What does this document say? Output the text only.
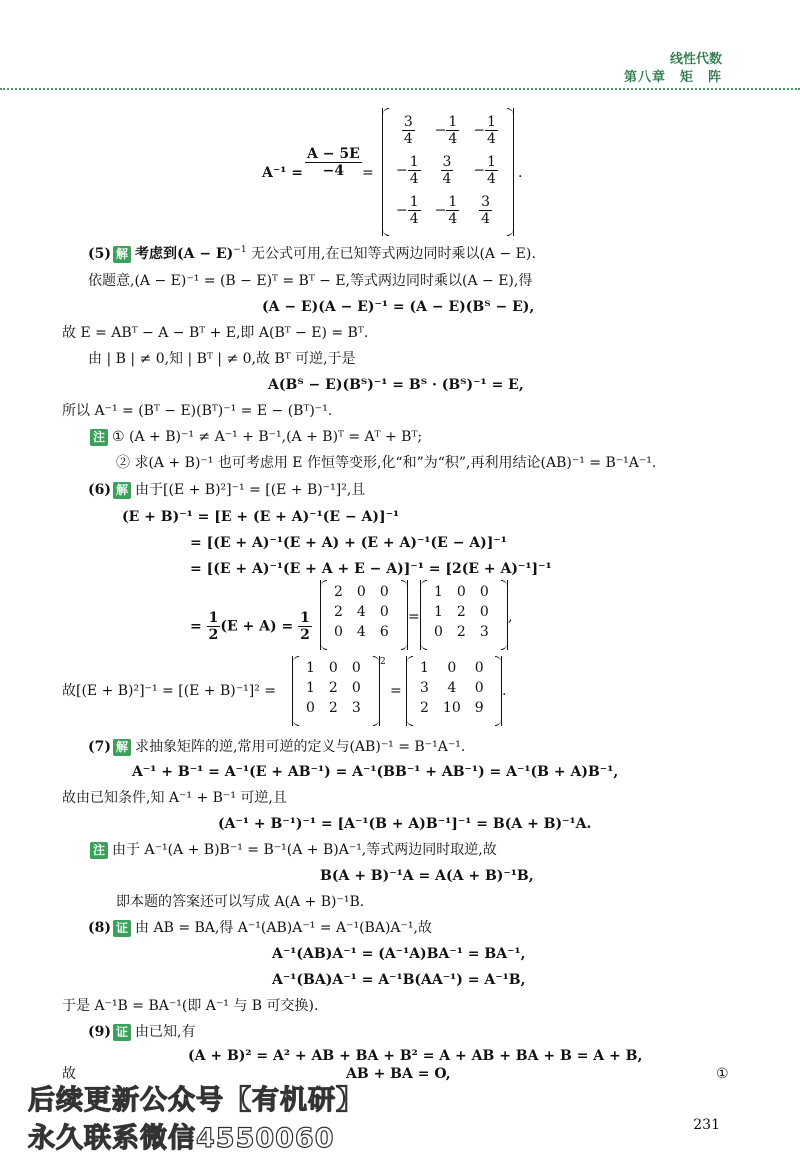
线性代数
第八章　矩　阵
$A^{-1} = \frac{A - 5E}{-4}$ =
$\frac{3}{4}$	− $\frac{1}{4}$	− $\frac{1}{4}$

− $\frac{1}{4}$	$\frac{3}{4}$	− $\frac{1}{4}$

− $\frac{1}{4}$	− $\frac{1}{4}$	$\frac{3}{4}$
.
(5) 解 考虑到$(A - E)^{-1}$ 无公式可用,在已知等式两边同时乘以(A − E).
依题意,(A − E)⁻¹ = (B − E)ᵀ = Bᵀ − E,等式两边同时乘以(A − E),得
(A − E)(A − E)⁻¹ = (A − E)(Bᵀ − E),
故 E = ABᵀ − A − Bᵀ + E,即 A(Bᵀ − E) = Bᵀ.
由 | B | ≠ 0,知 | Bᵀ | ≠ 0,故 Bᵀ 可逆,于是
A(Bᵀ − E)(Bᵀ)⁻¹ = Bᵀ · (Bᵀ)⁻¹ = E,
所以 A⁻¹ = (Bᵀ − E)(Bᵀ)⁻¹ = E − (Bᵀ)⁻¹.
注 ① (A + B)⁻¹ ≠ A⁻¹ + B⁻¹,(A + B)ᵀ = Aᵀ + Bᵀ;
② 求(A + B)⁻¹ 也可考虑用 E 作恒等变形,化“和”为“积”,再利用结论(AB)⁻¹ = B⁻¹A⁻¹.
(6) 解 由于[(E + B)²]⁻¹ = [(E + B)⁻¹]²,且
(E + B)⁻¹ = [E + (E + A)⁻¹(E − A)]⁻¹
= [(E + A)⁻¹(E + A) + (E + A)⁻¹(E − A)]⁻¹
= [(E + A)⁻¹(E + A + E − A)]⁻¹ = [2(E + A)⁻¹]⁻¹
= $\frac{1}{2} (E + A) = \frac{1}{2}$
2	0	0
2	4	0
0	4	6
=
1	0	0
1	2	0
0	2	3
,
故[(E + B)²]⁻¹ = [(E + B)⁻¹]² =
1	0	0
1	2	0
0	2	3
$^2$
=
1	0	0
3	4	0
2	10	9
.
(7) 解 求抽象矩阵的逆,常用可逆的定义与(AB)⁻¹ = B⁻¹A⁻¹.
A⁻¹ + B⁻¹ = A⁻¹(E + AB⁻¹) = A⁻¹(BB⁻¹ + AB⁻¹) = A⁻¹(B + A)B⁻¹,
故由已知条件,知 A⁻¹ + B⁻¹ 可逆,且
(A⁻¹ + B⁻¹)⁻¹ = [A⁻¹(B + A)B⁻¹]⁻¹ = B(A + B)⁻¹A.
注 由于 A⁻¹(A + B)B⁻¹ = B⁻¹(A + B)A⁻¹,等式两边同时取逆,故
B(A + B)⁻¹A = A(A + B)⁻¹B,
即本题的答案还可以写成 A(A + B)⁻¹B.
(8) 证 由 AB = BA,得 A⁻¹(AB)A⁻¹ = A⁻¹(BA)A⁻¹,故
A⁻¹(AB)A⁻¹ = (A⁻¹A)BA⁻¹ = BA⁻¹,
A⁻¹(BA)A⁻¹ = A⁻¹B(AA⁻¹) = A⁻¹B,
于是 A⁻¹B = BA⁻¹(即 A⁻¹ 与 B 可交换).
(9) 证 由已知,有
(A + B)² = A² + AB + BA + B² = A + AB + BA + B = A + B,
故	AB + BA = O,	①
后续更新公众号【有机研】
永久联系微信4550060	231
